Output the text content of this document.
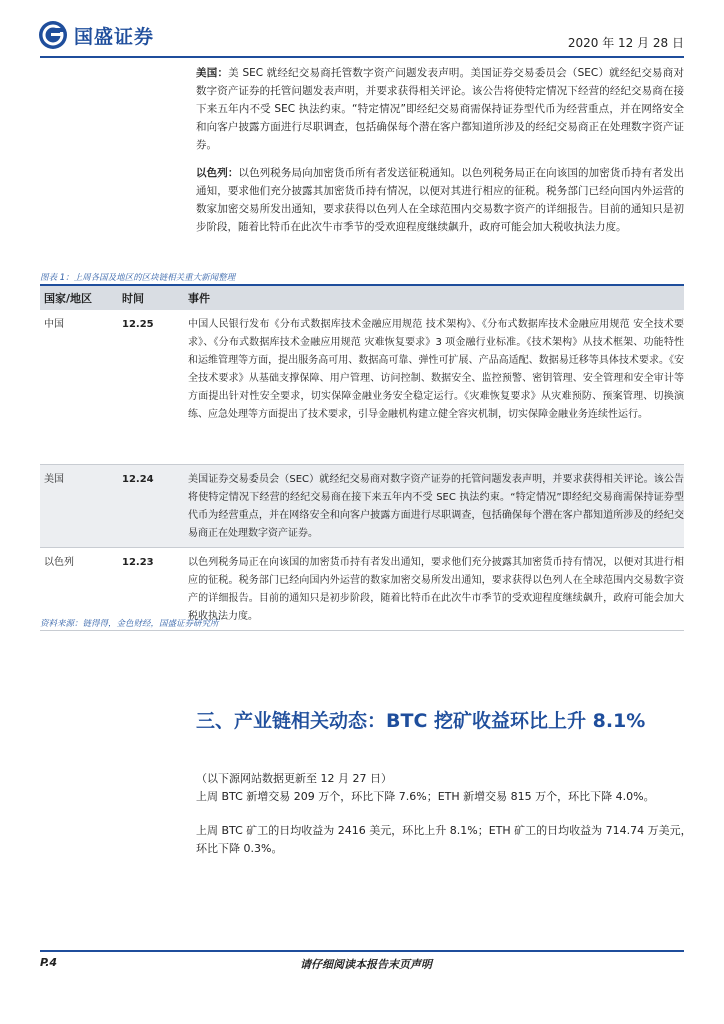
国盛证券	2020 年 12 月 28 日
美国：美 SEC 就经纪交易商托管数字资产问题发表声明。美国证券交易委员会（SEC）就经纪交易商对数字资产证券的托管问题发表声明，并要求获得相关评论。该公告将使特定情况下经营的经纪交易商在接下来五年内不受 SEC 执法约束。“特定情况”即经纪交易商需保持证券型代币为经营重点，并在网络安全和向客户披露方面进行尽职调查，包括确保每个潜在客户都知道所涉及的经纪交易商正在处理数字资产证券。
以色列：以色列税务局向加密货币所有者发送征税通知。以色列税务局正在向该国的加密货币持有者发出通知，要求他们充分披露其加密货币持有情况，以便对其进行相应的征税。税务部门已经向国内外运营的数家加密交易所发出通知，要求获得以色列人在全球范围内交易数字资产的详细报告。目前的通知只是初步阶段，随着比特币在此次牛市季节的受欢迎程度继续飙升，政府可能会加大税收执法力度。
图表 1：上周各国及地区的区块链相关重大新闻整理
国家/地区	时间	事件
中国	12.25	中国人民银行发布《分布式数据库技术金融应用规范 技术架构》、《分布式数据库技术金融应用规范 安全技术要求》、《分布式数据库技术金融应用规范 灾难恢复要求》3 项金融行业标准。《技术架构》从技术框架、功能特性和运维管理等方面，提出服务高可用、数据高可靠、弹性可扩展、产品高适配、数据易迁移等具体技术要求。《安全技术要求》从基础支撑保障、用户管理、访问控制、数据安全、监控预警、密钥管理、安全管理和安全审计等方面提出针对性安全要求，切实保障金融业务安全稳定运行。《灾难恢复要求》从灾难预防、预案管理、切换演练、应急处理等方面提出了技术要求，引导金融机构建立健全容灾机制，切实保障金融业务连续性运行。
美国	12.24	美国证券交易委员会（SEC）就经纪交易商对数字资产证券的托管问题发表声明，并要求获得相关评论。该公告将使特定情况下经营的经纪交易商在接下来五年内不受 SEC 执法约束。“特定情况”即经纪交易商需保持证券型代币为经营重点，并在网络安全和向客户披露方面进行尽职调查，包括确保每个潜在客户都知道所涉及的经纪交易商正在处理数字资产证券。
以色列	12.23	以色列税务局正在向该国的加密货币持有者发出通知，要求他们充分披露其加密货币持有情况，以便对其进行相应的征税。税务部门已经向国内外运营的数家加密交易所发出通知，要求获得以色列人在全球范围内交易数字资产的详细报告。目前的通知只是初步阶段，随着比特币在此次牛市季节的受欢迎程度继续飙升，政府可能会加大税收执法力度。
资料来源：链得得，金色财经，国盛证券研究所
三、产业链相关动态：BTC 挖矿收益环比上升 8.1%
（以下源网站数据更新至 12 月 27 日）
上周 BTC 新增交易 209 万个，环比下降 7.6%；ETH 新增交易 815 万个，环比下降 4.0%。
上周 BTC 矿工的日均收益为 2416 美元，环比上升 8.1%；ETH 矿工的日均收益为 714.74 万美元，环比下降 0.3%。
P.4	请仔细阅读本报告末页声明
